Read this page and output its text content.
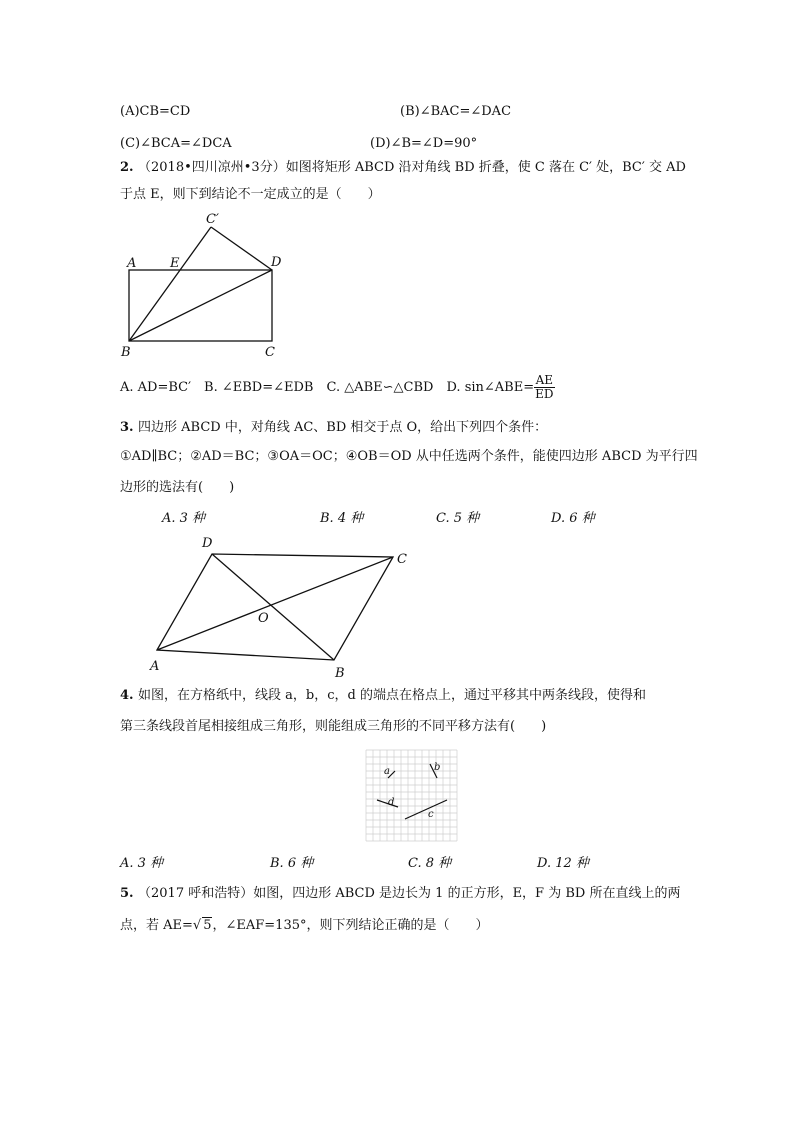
(A)CB=CD	(B)∠BAC=∠DAC
(C)∠BCA=∠DCA	(D)∠B=∠D=90°
2. （2018•四川凉州•3分）如图将矩形 ABCD 沿对角线 BD 折叠，使 C 落在 C′ 处，BC′ 交 AD
于点 E，则下到结论不一定成立的是（　　）
A	E	D
C′
B	C
A. AD=BC′　B. ∠EBD=∠EDB　C. △ABE∽△CBD　D. sin∠ABE= $\frac{AE}{ED}$
3. 四边形 ABCD 中，对角线 AC、BD 相交于点 O，给出下列四个条件：
①AD∥BC；②AD＝BC；③OA＝OC；④OB＝OD 从中任选两个条件，能使四边形 ABCD 为平行四
边形的选法有(　　)
A. 3 种	B. 4 种	C. 5 种	D. 6 种
D
C
O
A	B
4. 如图，在方格纸中，线段 a，b，c，d 的端点在格点上，通过平移其中两条线段，使得和
第三条线段首尾相接组成三角形，则能组成三角形的不同平移方法有(　　)
a	b
d
c
A. 3 种	B. 6 种	C. 8 种	D. 12 种
5. （2017 呼和浩特）如图，四边形 ABCD 是边长为 1 的正方形，E，F 为 BD 所在直线上的两
点，若 AE=√ 5，∠EAF=135°，则下列结论正确的是（　　）
